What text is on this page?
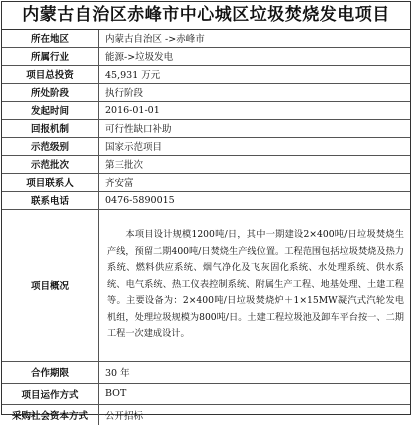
内蒙古自治区赤峰市中心城区垃圾焚烧发电项目
所在地区	内蒙古自治区 ->赤峰市
所属行业	能源->垃圾发电
项目总投资	45,931 万元
所处阶段	执行阶段
发起时间	2016-01-01
回报机制	可行性缺口补助
示范级别	国家示范项目
示范批次	第三批次
项目联系人	齐安富
联系电话	0476-5890015
项目概况	本项目设计规模1200吨/日，其中一期建设2×400吨/日垃圾焚烧生产线，预留二期400吨/日焚烧生产线位置。工程范围包括垃圾焚烧及热力系统、燃料供应系统、烟气净化及飞灰固化系统、水处理系统、供水系统、电气系统、热工仪表控制系统、附属生产工程、地基处理、土建工程等。主要设备为：2×400吨/日垃圾焚烧炉＋1×15MW凝汽式汽轮发电机组，处理垃圾规模为800吨/日。土建工程垃圾池及卸车平台按一、二期工程一次建成设计。
合作期限	30 年
项目运作方式	BOT
采购社会资本方式	公开招标
